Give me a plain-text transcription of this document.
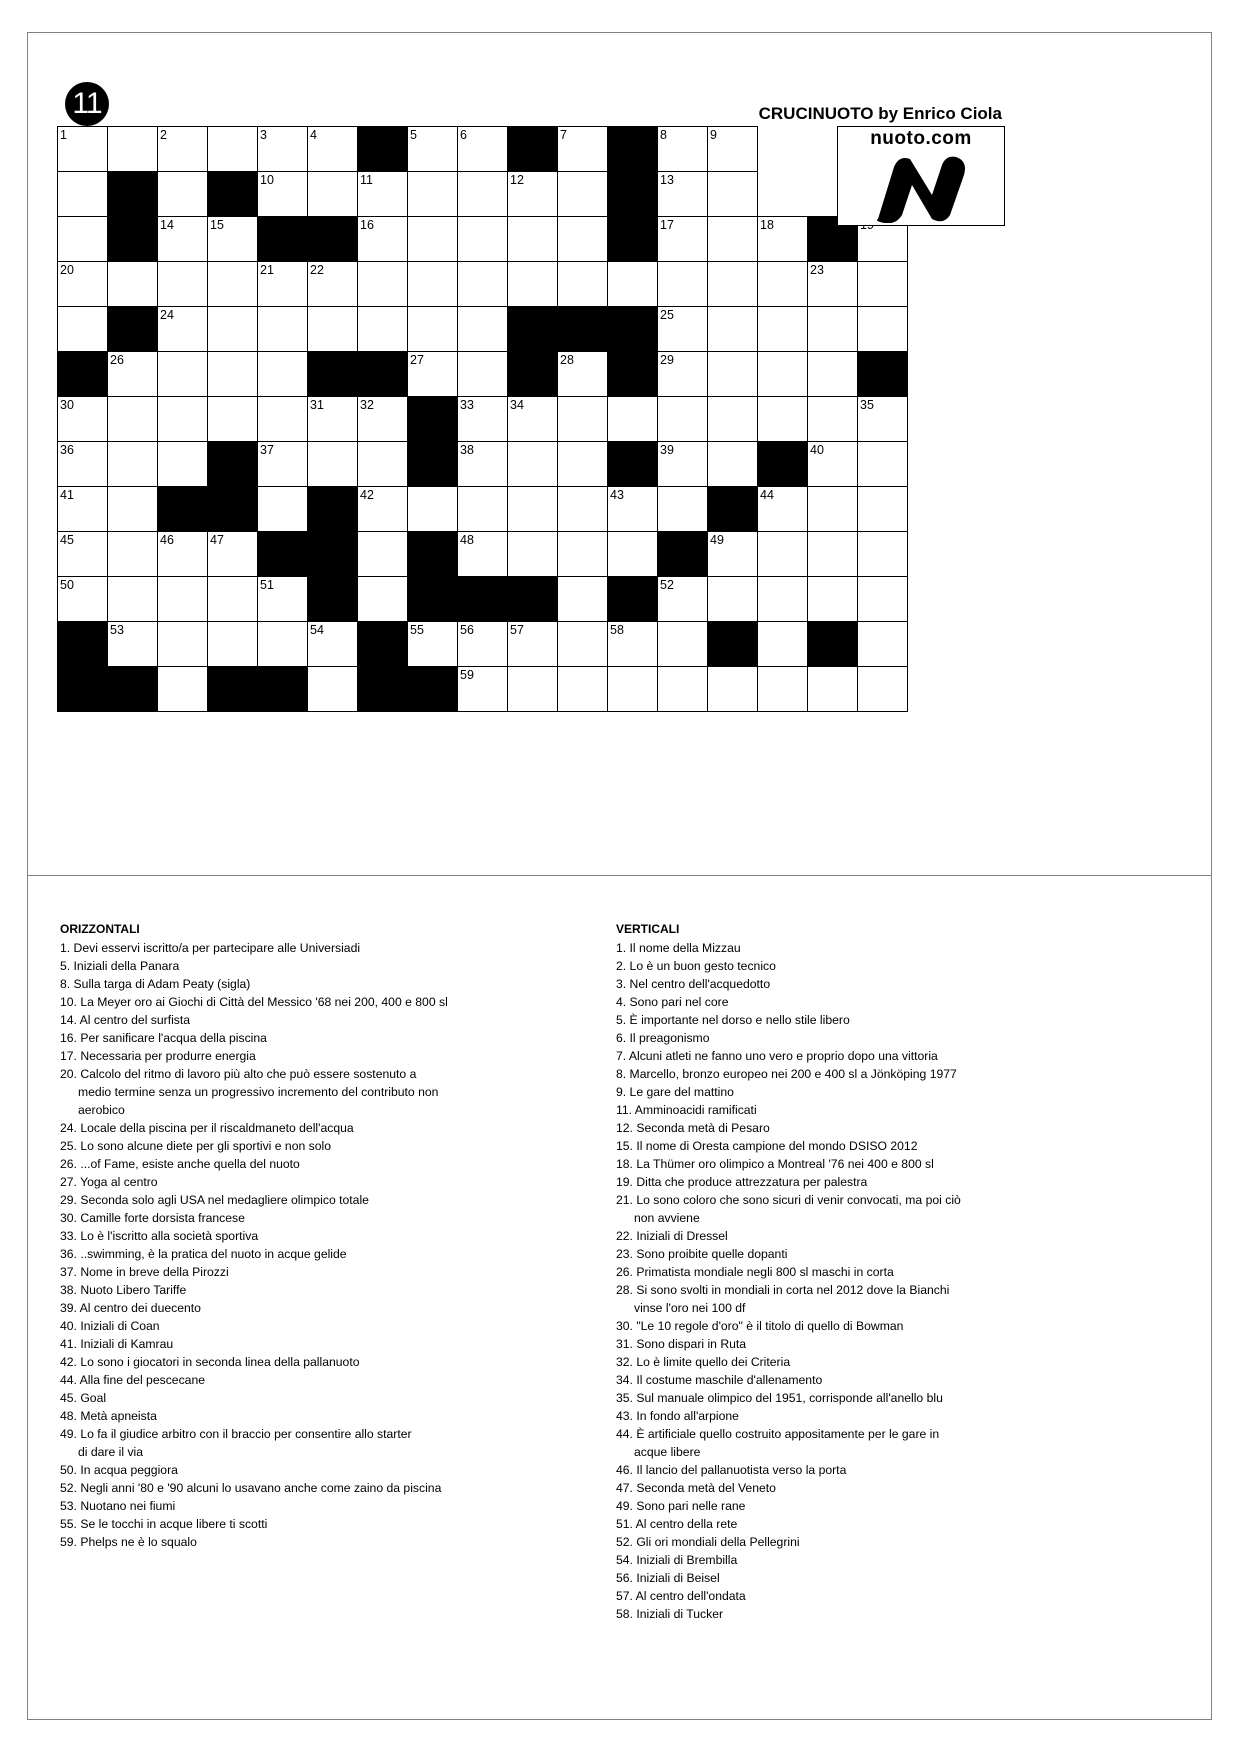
11	CRUCINUOTO by Enrico Ciola
1	2	3	4	5	6	7	8	9
10	11	12	13
14	15	16	17	18
20	21	22	23
24	25
26	27	28	29
30	31	32	33	34	35
36	37	38	39	40
41	42	43	44
45	46	47	48	49
50	51	52
53	54	55	56	57	58
59
nuoto.com
ORIZZONTALI
1. Devi esservi iscritto/a per partecipare alle Universiadi
5. Iniziali della Panara
8. Sulla targa di Adam Peaty (sigla)
10. La Meyer oro ai Giochi di Città del Messico '68 nei 200, 400 e 800 sl
14. Al centro del surfista
16. Per sanificare l'acqua della piscina
17. Necessaria per produrre energia
20. Calcolo del ritmo di lavoro più alto che può essere sostenuto a
medio termine senza un progressivo incremento del contributo non
aerobico
24. Locale della piscina per il riscaldmaneto dell'acqua
25. Lo sono alcune diete per gli sportivi e non solo
26. ...of Fame, esiste anche quella del nuoto
27. Yoga al centro
29. Seconda solo agli USA nel medagliere olimpico totale
30. Camille forte dorsista francese
33. Lo è l'iscritto alla società sportiva
36. ..swimming, è la pratica del nuoto in acque gelide
37. Nome in breve della Pirozzi
38. Nuoto Libero Tariffe
39. Al centro dei duecento
40. Iniziali di Coan
41. Iniziali di Kamrau
42. Lo sono i giocatori in seconda linea della pallanuoto
44. Alla fine del pescecane
45. Goal
48. Metà apneista
49. Lo fa il giudice arbitro con il braccio per consentire allo starter
di dare il via
50. In acqua peggiora
52. Negli anni '80 e '90 alcuni lo usavano anche come zaino da piscina
53. Nuotano nei fiumi
55. Se le tocchi in acque libere ti scotti
59. Phelps ne è lo squalo
VERTICALI
1. Il nome della Mizzau
2. Lo è un buon gesto tecnico
3. Nel centro dell'acquedotto
4. Sono pari nel core
5. È importante nel dorso e nello stile libero
6. Il preagonismo
7. Alcuni atleti ne fanno uno vero e proprio dopo una vittoria
8. Marcello, bronzo europeo nei 200 e 400 sl a Jönköping 1977
9. Le gare del mattino
11. Amminoacidi ramificati
12. Seconda metà di Pesaro
15. Il nome di Oresta campione del mondo DSISO 2012
18. La Thümer oro olimpico a Montreal '76 nei 400 e 800 sl
19. Ditta che produce attrezzatura per palestra
21. Lo sono coloro che sono sicuri di venir convocati, ma poi ciò
non avviene
22. Iniziali di Dressel
23. Sono proibite quelle dopanti
26. Primatista mondiale negli 800 sl maschi in corta
28. Si sono svolti in mondiali in corta nel 2012 dove la Bianchi
vinse l'oro nei 100 df
30. "Le 10 regole d'oro" è il titolo di quello di Bowman
31. Sono dispari in Ruta
32. Lo è limite quello dei Criteria
34. Il costume maschile d'allenamento
35. Sul manuale olimpico del 1951, corrisponde all'anello blu
43. In fondo all'arpione
44. È artificiale quello costruito appositamente per le gare in
acque libere
46. Il lancio del pallanuotista verso la porta
47. Seconda metà del Veneto
49. Sono pari nelle rane
51. Al centro della rete
52. Gli ori mondiali della Pellegrini
54. Iniziali di Brembilla
56. Iniziali di Beisel
57. Al centro dell'ondata
58. Iniziali di Tucker
